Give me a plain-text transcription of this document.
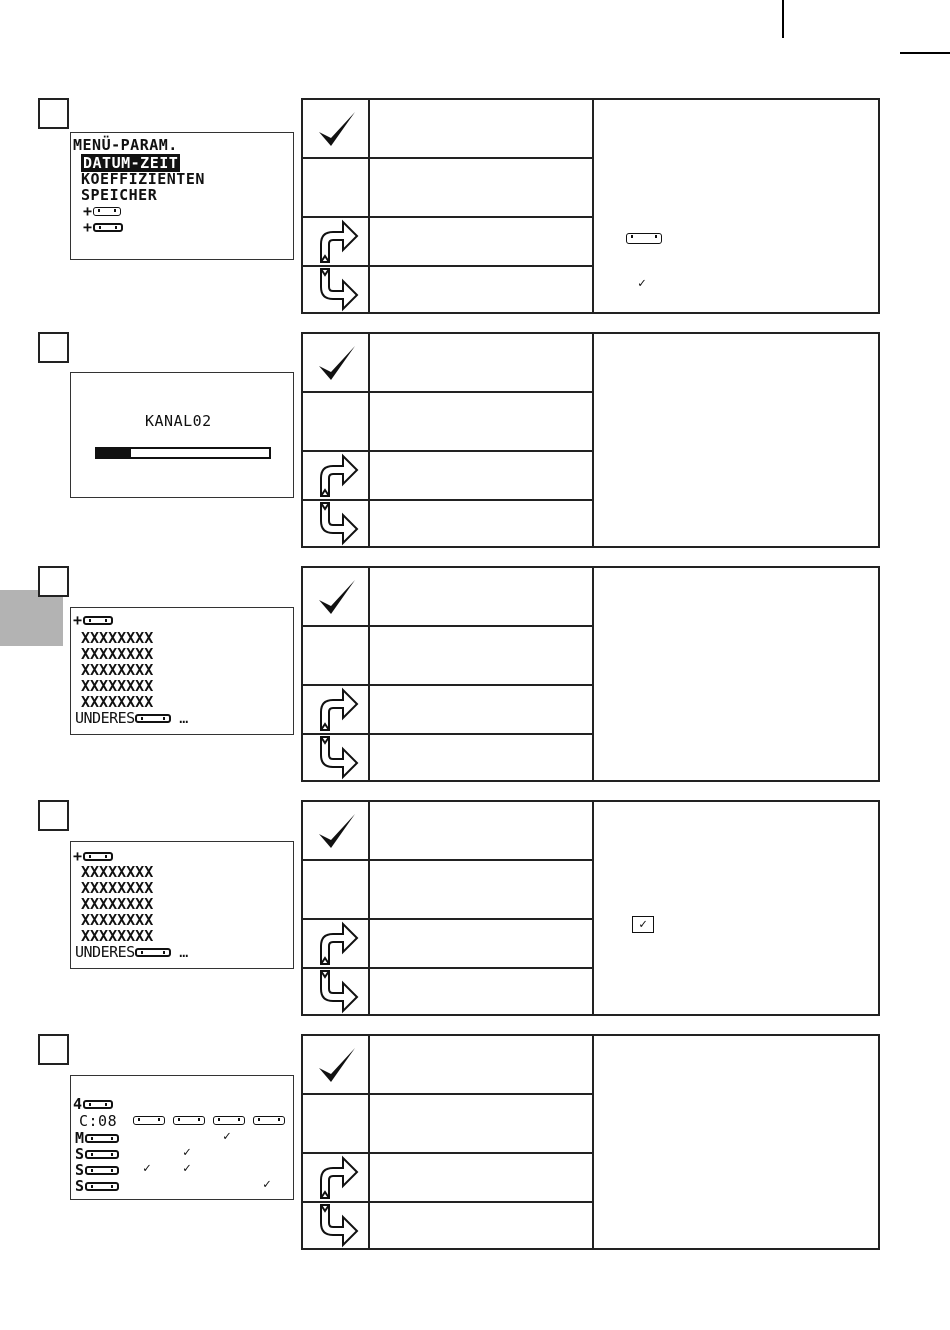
MENÜ-PARAM.
DATUM-ZEIT
KOEFFIZIENTEN
SPEICHER
+
+
✓
KANAL02
+
XXXXXXXX
XXXXXXXX
XXXXXXXX
XXXXXXXX
XXXXXXXX
UNDERES	…
+
XXXXXXXX
XXXXXXXX
XXXXXXXX
XXXXXXXX
XXXXXXXX
UNDERES	…
✓
4
C:08
M
S
S
S
✓
✓
✓ ✓
✓
